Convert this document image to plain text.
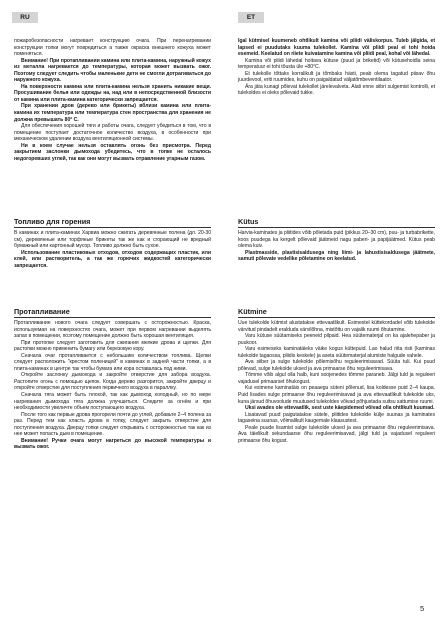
RU	ET

пожаробезопасности нагревает конструкцию очага. При перенагревании конструкции топки могут повредиться а также окраска внешнего кожуха может поменяться.

Внимание! При протапливании камина или плита-камина, наружный кожух из металла нагревается до температуры, которая может вызвать ожог. Поэтому следует следить чтобы маленькие дети не смогли дотрагиваться до наружного кожуха.

На поверхности камина или плита-камина нельзя хранить никакие вещи. Просушивание белья или одежды на, над или в непосредственной близости от камина или плита-камина категорически запрещается.

При хранении дров (дерево или брикеты) вблизи камина или плита-камина их температура или температура стен пространства для хранения не должна превышать 80° C.

Для обеспечения хорошей тяги и работы очага, следует убедиться в том, что в помещение поступает достаточное количество воздуха, в особенности при механическом удалении воздуха вентиляционной системы.

Ни в коем случае нельзя оставлять огонь без присмотра. Перед закрытием заслонки дымохода убедитесь, что в топке не осталось недогоревших углей, так как они могут вызвать отравление угарным газом.

Топливо для горения

В каминах и плита-каминах Харвиа можно сжигать деревянные полена (дл. 20-30 см), деревянные или торфяные брикеты так же как и сгорающий не вредный бумажный или картонный мусор. Топливо должно быть сухое.

Использование пластиковых отходов, отходов содержащих пластик, или клей, или растворитель, а так же горючих жидкостей категорически запрещается.

Протапливание

Протапливание нового очага следует совершать с осторожностью. Краска, используемая на поверхностях очага, может при первом нагревании выделять запах в помещении, поэтому помещение должно быть хорошая вентиляция.

При протопке следует заготовить для сжигания мелкие дрова и щепки. Для растопки можно применить бумагу или березовую кору.

Сначала очаг протапливается с небольшим количеством топлива. Щепки следует расположить "крестом поленицей" в каминах в задней части топки, а в плита-каминах в центре так чтобы бумага или кора оставалась под ними.

Откройте заслонку дымохода и закройте отверстие для забора воздуха. Растопите огонь с помощью щепок. Когда дерево разгорится, закройте дверцу и откройте отверстие для поступления первичного воздуха в параллку.

Сначала тяга может быть плохой, так как дымоход холодный, но по мере нагревания дымохода тяга должна улучшиться. Следите за огнём и при необходимости увеличте объем поступающего воздуха.

После того как первые дрова прогорели почти до углей, добавьте 2–4 полена за раз. Перед тем как класть дрова в топку, следует закрыть отверстие для поступления воздуха. Дверцу топки следует открывать с осторожностью так как из нее может попасть дым в помещение.

Внимание! Ручки очага могут нагреться до высокой температуры и вызвать ожог.

Igal kütmisel kuumeneb ohtlikult kamina või pliidi väliskorpus. Tuleb jälgida, et lapsed ei puudutaks kuuma tulekollet. Kamina või pliidi peal ei tohi hoida esemeid. Keelatud on riiete kuivatamine kamina või pliidi peal, kohal või lähedal.

Kamina või pliidi lähedal hoitava kütuse (puud ja briketid) või kütusehoidla seina temperatuur ei tohi tõusta üle +80°C.

Et tulekolle tõttaks korralikult ja tõmbaks hästi, peab olema tagatud piisav õhu juurdevool, eriti ruumides, kuhu on paigaldatud väljatõmbeventilaator.

Ära jäta kunagi põlevat tulekollet järelevalveta. Alati enne siibri sulgemist kontrolli, et tulekoldes ei oleks põlevaid tukke.

Kütus

Harvia-kaminates ja pliitides võib põletada puid (pikkus 20–30 cm), puu- ja turbabrikette, koos puudega ka kergelt põlevaid jäätmeid nagu paberi- ja papijäätmed. Kütus peab olema kuiv.

Plastmasside, plastisisaldusega ning liimi- ja lahustisisaldusega jäätmete, samuti põlevate vedelike põletamine on keelatud.

Kütmine

Uue tulekolde kütmist alustatakse ettevaatlikult. Esimestel küttekordadel võib tulekolde värvitud pindadelt eralduda värvilõhna, mistõttu on vajalik ruumi õhutamine.

Varu kütuse süütamiseks peeneid pilpaid. Hea süütematerjal on ka ajalehepaber ja puukoor.

Varu esimeseks kaminatäieks väike kogus küttepuid. Lao halud riita risti (kaminas tulekolde tagaossa, pliidis keskele) ja aseta süütematerjal alumiste halgude vahele.

Ava siiber ja sulge tulekolde põlemisõhu reguleerimisavad. Süüta tuli. Kui puud põlevad, sulge tulekolde uksed ja ava primaarse õhu reguleerimisava.

Tõmme võib algul olla halb, kuni soojenedes tõmme paraneb. Jälgi tuld ja reguleeri vajadusel primaarset õhukogust.

Kui esimene kaminatäis on peaaegu süteni põlenud, lisa koldesse puid 2–4 kaupa. Puid lisades sulge primaarse õhu reguleerimisavad ja ava ettevaatlikult tulekolde uks, kuna järsud õhuvoolude muutused tulekoldes võivad põhjustada suitsu sattumise ruumi.

Uksi avades ole ettevaatlik, sest uste käepidemed võivad olla ohtlikult kuumad.

Lisatavad puud paigutatakse sütele, pliitides tulekolde külje suunas ja kaminates tagaseina suunas, võimalikult kaugemale klaasustest.

Peale puude lisamist sulge tulekolde uksed ja ava primaarse õhu reguleerimisava. Ava täielikult sekundaarse õhu reguleerimisavad, jälgi tuld ja vajadusel reguleeri primaarse õhu kogust.

5
